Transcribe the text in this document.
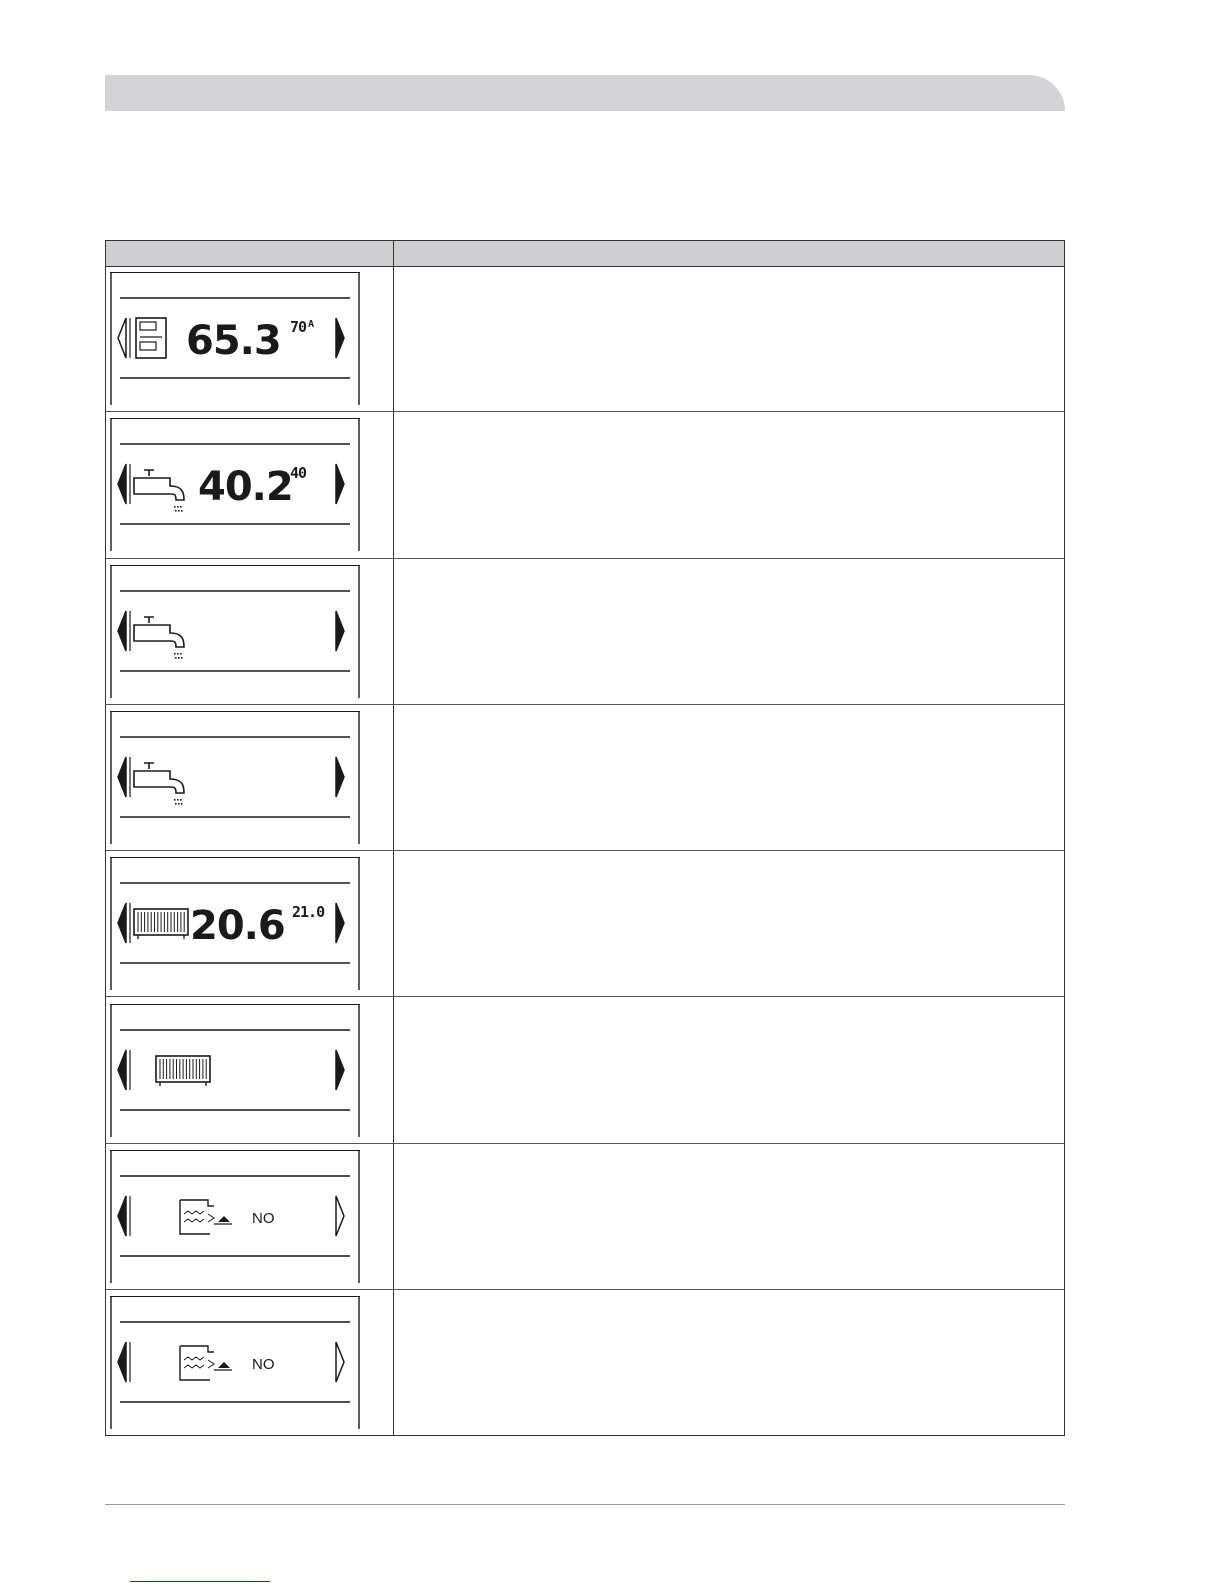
65.3 70 A
40.2
40
20.6 21.0
NO
NO
